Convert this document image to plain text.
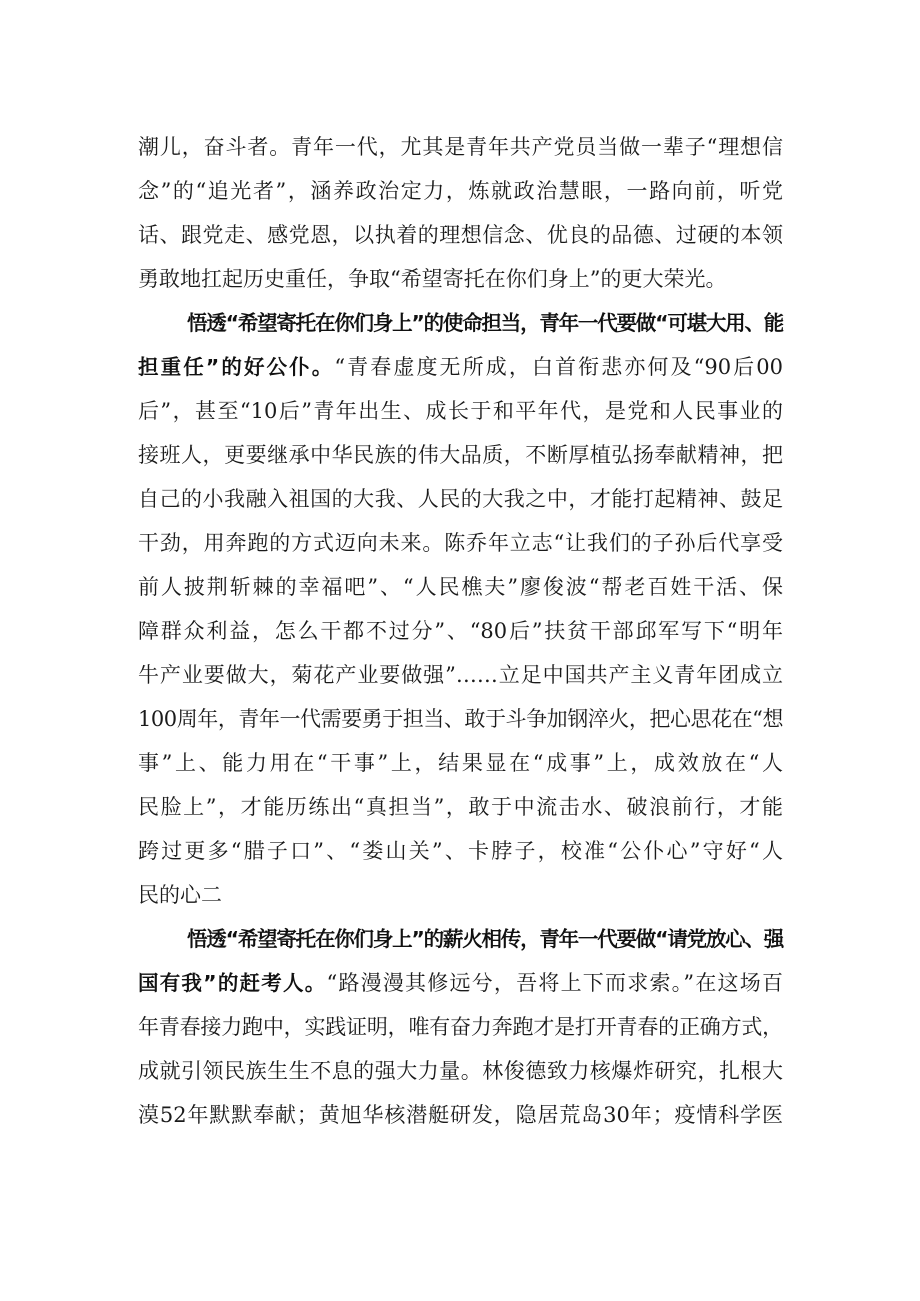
潮儿，奋斗者。青年一代，尤其是青年共产党员当做一辈子“理想信
念”的“追光者”，涵养政治定力，炼就政治慧眼，一路向前，听党
话、跟党走、感党恩，以执着的理想信念、优良的品德、过硬的本领
勇敢地扛起历史重任，争取“希望寄托在你们身上”的更大荣光。
悟透“希望寄托在你们身上”的使命担当，青年一代要做“可堪大用、能
担重任”的好公仆。“青春虚度无所成，白首衔悲亦何及“90后00
后”，甚至“10后”青年出生、成长于和平年代，是党和人民事业的
接班人，更要继承中华民族的伟大品质，不断厚植弘扬奉献精神，把
自己的小我融入祖国的大我、人民的大我之中，才能打起精神、鼓足
干劲，用奔跑的方式迈向未来。陈乔年立志“让我们的子孙后代享受
前人披荆斩棘的幸福吧”、“人民樵夫”廖俊波“帮老百姓干活、保
障群众利益，怎么干都不过分”、“80后”扶贫干部邱军写下“明年
牛产业要做大，菊花产业要做强”……立足中国共产主义青年团成立
100周年，青年一代需要勇于担当、敢于斗争加钢淬火，把心思花在“想
事”上、能力用在“干事”上，结果显在“成事”上，成效放在“人
民脸上”，才能历练出“真担当”，敢于中流击水、破浪前行，才能
跨过更多“腊子口”、“娄山关”、卡脖子，校准“公仆心”守好“人
民的心二
悟透“希望寄托在你们身上”的薪火相传，青年一代要做“请党放心、强
国有我”的赶考人。“路漫漫其修远兮，吾将上下而求索。”在这场百
年青春接力跑中，实践证明，唯有奋力奔跑才是打开青春的正确方式，
成就引领民族生生不息的强大力量。林俊德致力核爆炸研究，扎根大
漠52年默默奉献；黄旭华核潜艇研发，隐居荒岛30年；疫情科学医
